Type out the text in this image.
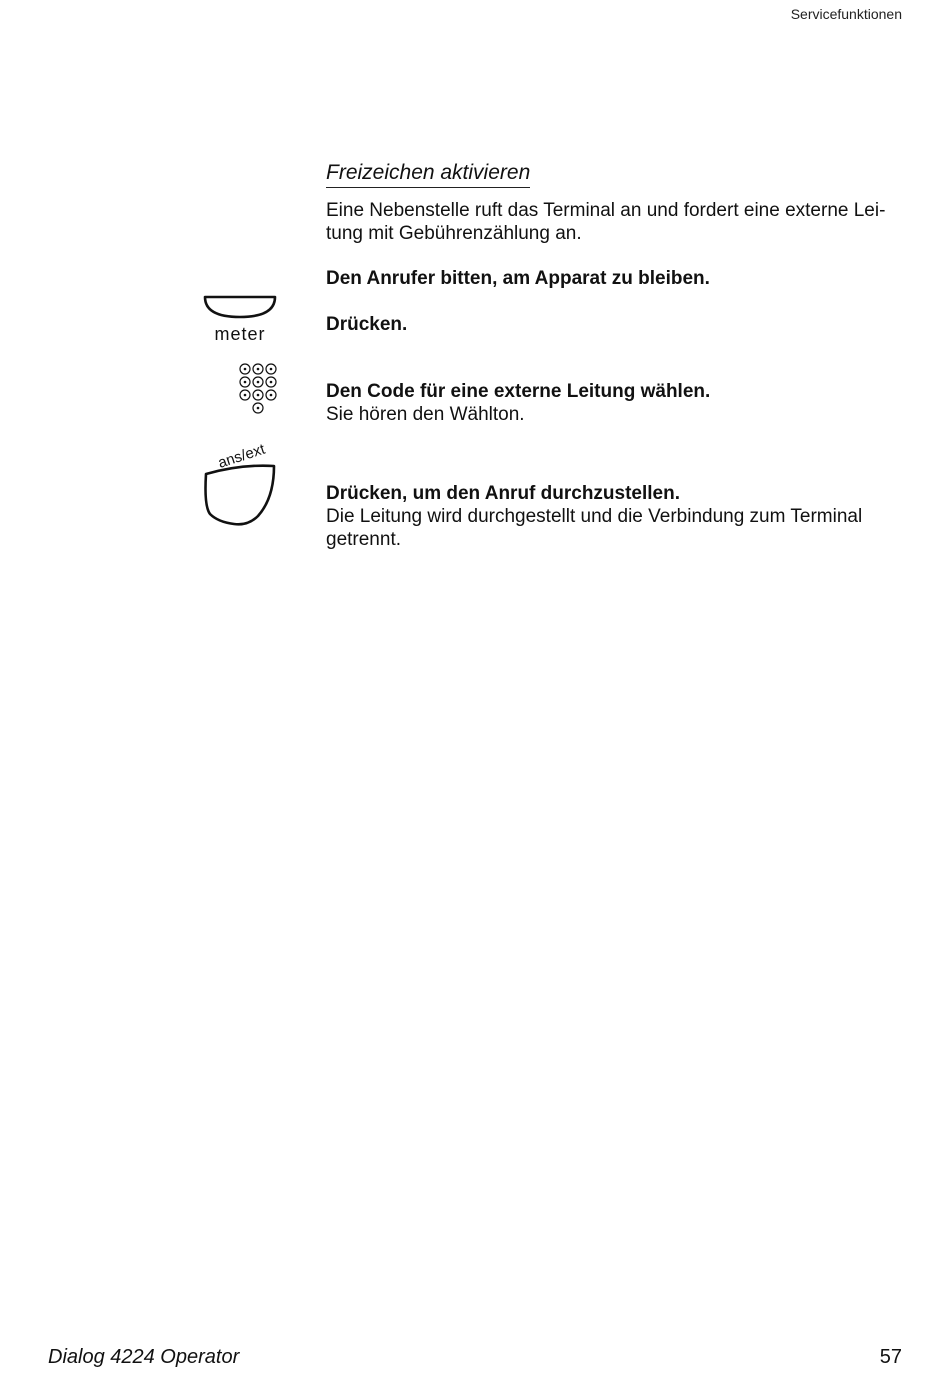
Servicefunktionen
Freizeichen aktivieren
Eine Nebenstelle ruft das Terminal an und fordert eine externe Lei-
tung mit Gebührenzählung an.
Den Anrufer bitten, am Apparat zu bleiben.
meter	Drücken.
Den Code für eine externe Leitung wählen.
Sie hören den Wählton.
ans/ext
Drücken, um den Anruf durchzustellen.
Die Leitung wird durchgestellt und die Verbindung zum Terminal
getrennt.
Dialog 4224 Operator	57
